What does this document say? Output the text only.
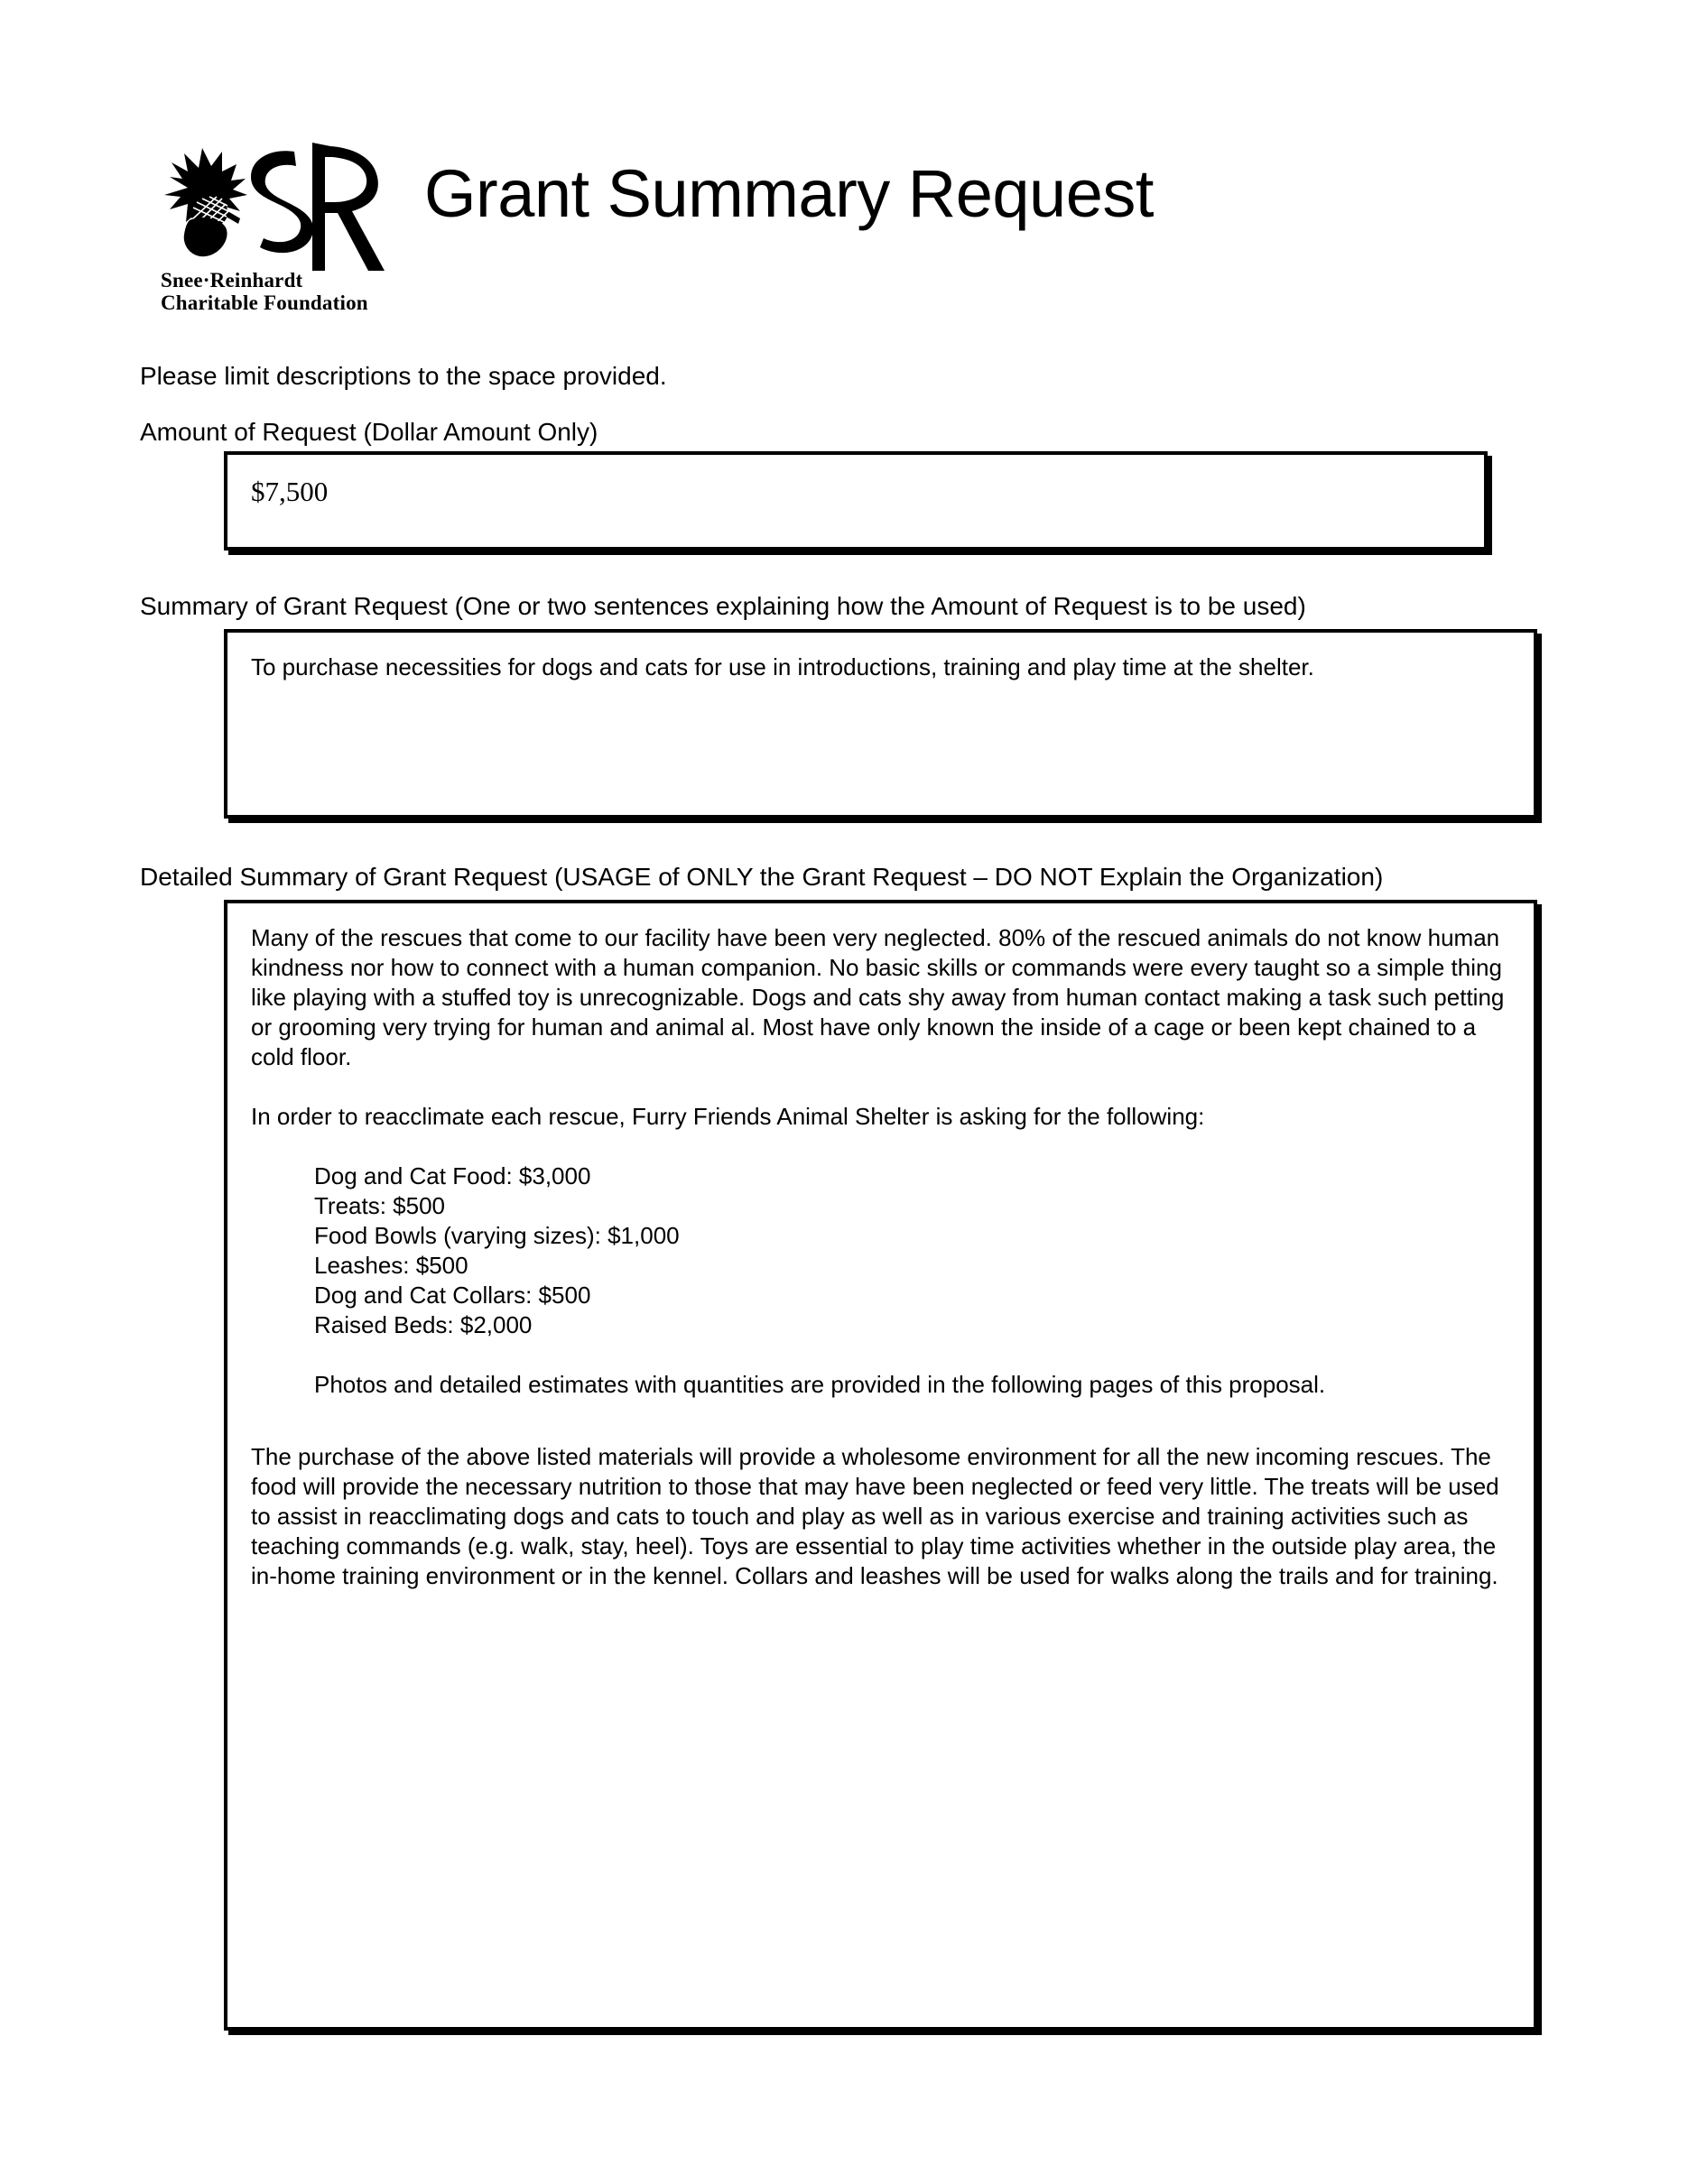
Snee·Reinhardt
Charitable Foundation
Grant Summary Request
Please limit descriptions to the space provided.
Amount of Request (Dollar Amount Only)
$7,500
Summary of Grant Request (One or two sentences explaining how the Amount of Request is to be used)
To purchase necessities for dogs and cats for use in introductions, training and play time at the shelter.
Detailed Summary of Grant Request (USAGE of ONLY the Grant Request – DO NOT Explain the Organization)

Many of the rescues that come to our facility have been very neglected. 80% of the rescued animals do not know human kindness nor how to connect with a human companion. No basic skills or commands were every taught so a simple thing like playing with a stuffed toy is unrecognizable. Dogs and cats shy away from human contact making a task such petting or grooming very trying for human and animal al. Most have only known the inside of a cage or been kept chained to a cold floor.

In order to reacclimate each rescue, Furry Friends Animal Shelter is asking for the following:

Dog and Cat Food: $3,000
Treats: $500
Food Bowls (varying sizes): $1,000
Leashes: $500
Dog and Cat Collars: $500
Raised Beds: $2,000

Photos and detailed estimates with quantities are provided in the following pages of this proposal.

The purchase of the above listed materials will provide a wholesome environment for all the new incoming rescues. The food will provide the necessary nutrition to those that may have been neglected or feed very little. The treats will be used to assist in reacclimating dogs and cats to touch and play as well as in various exercise and training activities such as teaching commands (e.g. walk, stay, heel). Toys are essential to play time activities whether in the outside play area, the in-home training environment or in the kennel. Collars and leashes will be used for walks along the trails and for training.
